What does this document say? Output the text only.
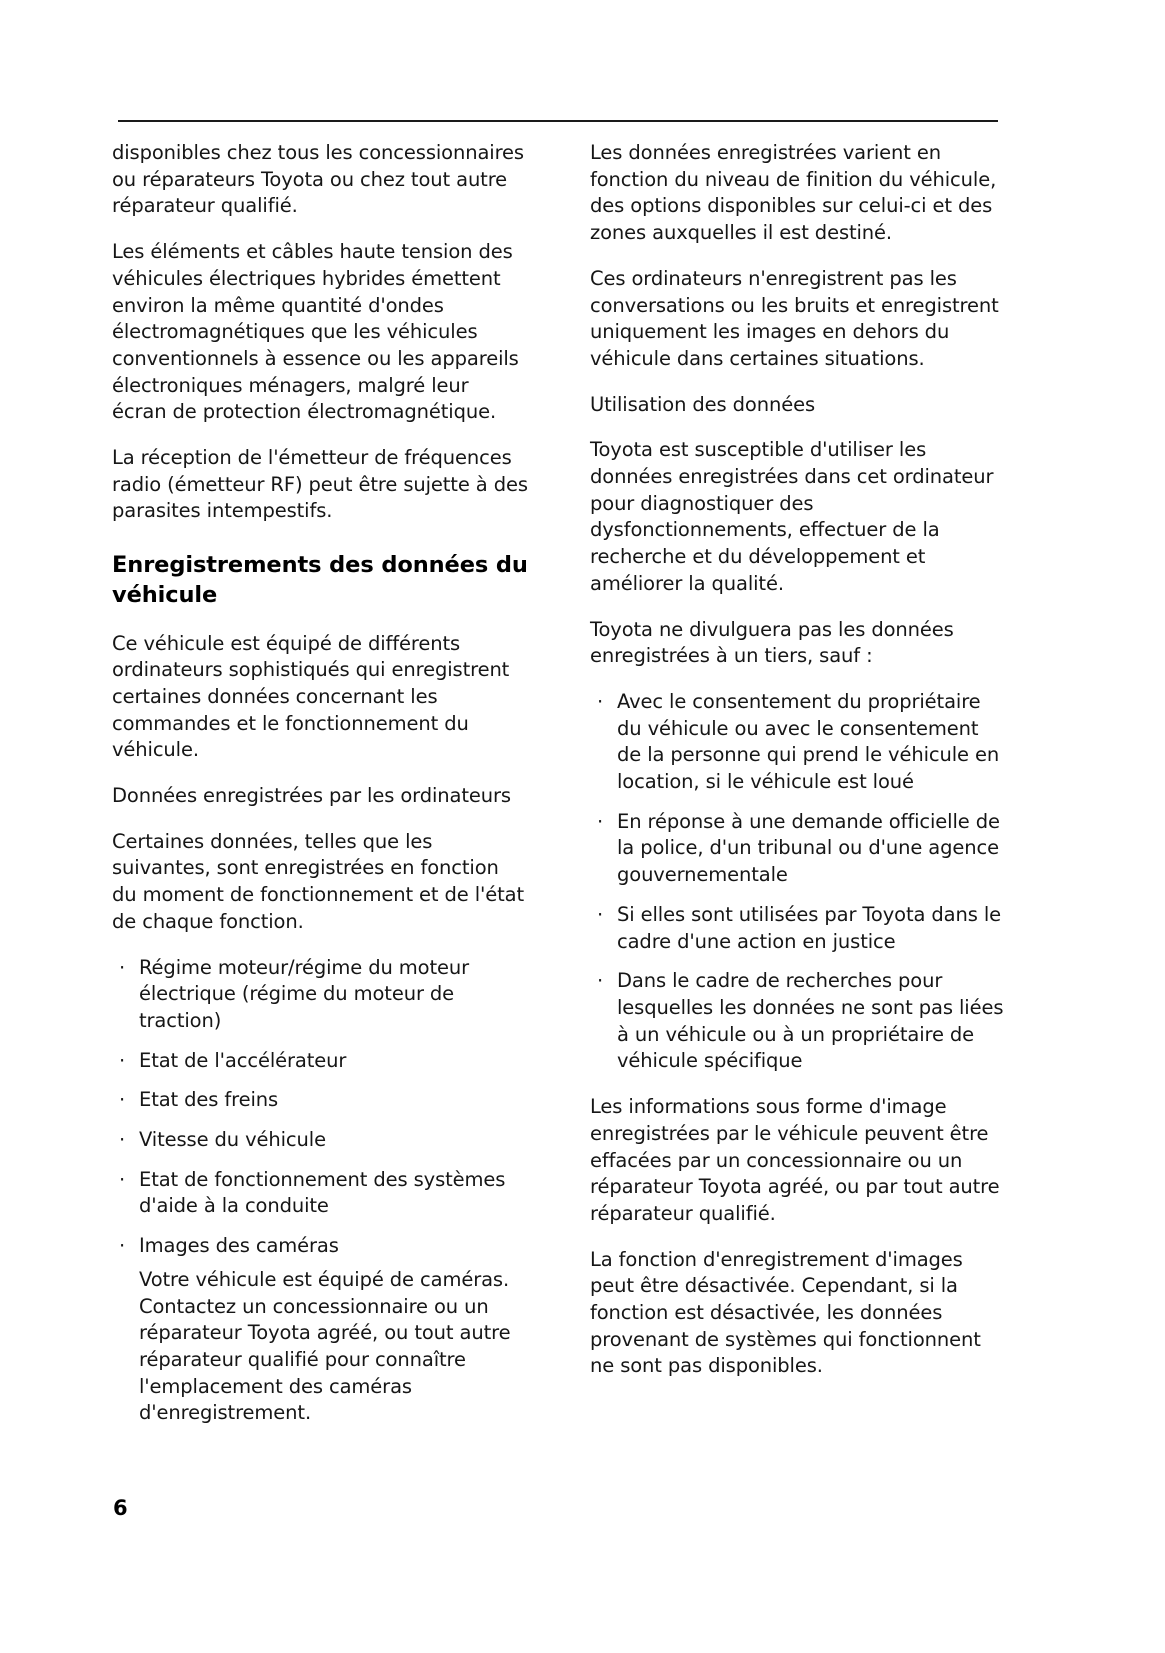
disponibles chez tous les concessionnaires ou réparateurs Toyota ou chez tout autre réparateur qualifié.

Les éléments et câbles haute tension des véhicules électriques hybrides émettent environ la même quantité d'ondes électromagnétiques que les véhicules conventionnels à essence ou les appareils électroniques ménagers, malgré leur écran de protection électromagnétique.

La réception de l'émetteur de fréquences radio (émetteur RF) peut être sujette à des parasites intempestifs.

Enregistrements des données du véhicule

Ce véhicule est équipé de différents ordinateurs sophistiqués qui enregistrent certaines données concernant les commandes et le fonctionnement du véhicule.

Données enregistrées par les ordinateurs

Certaines données, telles que les suivantes, sont enregistrées en fonction du moment de fonctionnement et de l'état de chaque fonction.

· Régime moteur/régime du moteur électrique (régime du moteur de traction)
· Etat de l'accélérateur
· Etat des freins
· Vitesse du véhicule
· Etat de fonctionnement des systèmes d'aide à la conduite
· Images des caméras

Votre véhicule est équipé de caméras. Contactez un concessionnaire ou un réparateur Toyota agréé, ou tout autre réparateur qualifié pour connaître l'emplacement des caméras d'enregistrement.

Les données enregistrées varient en fonction du niveau de finition du véhicule, des options disponibles sur celui-ci et des zones auxquelles il est destiné.

Ces ordinateurs n'enregistrent pas les conversations ou les bruits et enregistrent uniquement les images en dehors du véhicule dans certaines situations.

Utilisation des données

Toyota est susceptible d'utiliser les données enregistrées dans cet ordinateur pour diagnostiquer des dysfonctionnements, effectuer de la recherche et du développement et améliorer la qualité.

Toyota ne divulguera pas les données enregistrées à un tiers, sauf :

· Avec le consentement du propriétaire du véhicule ou avec le consentement de la personne qui prend le véhicule en location, si le véhicule est loué
· En réponse à une demande officielle de la police, d'un tribunal ou d'une agence gouvernementale
· Si elles sont utilisées par Toyota dans le cadre d'une action en justice
· Dans le cadre de recherches pour lesquelles les données ne sont pas liées à un véhicule ou à un propriétaire de véhicule spécifique

Les informations sous forme d'image enregistrées par le véhicule peuvent être effacées par un concessionnaire ou un réparateur Toyota agréé, ou par tout autre réparateur qualifié.

La fonction d'enregistrement d'images peut être désactivée. Cependant, si la fonction est désactivée, les données provenant de systèmes qui fonctionnent ne sont pas disponibles.

6
